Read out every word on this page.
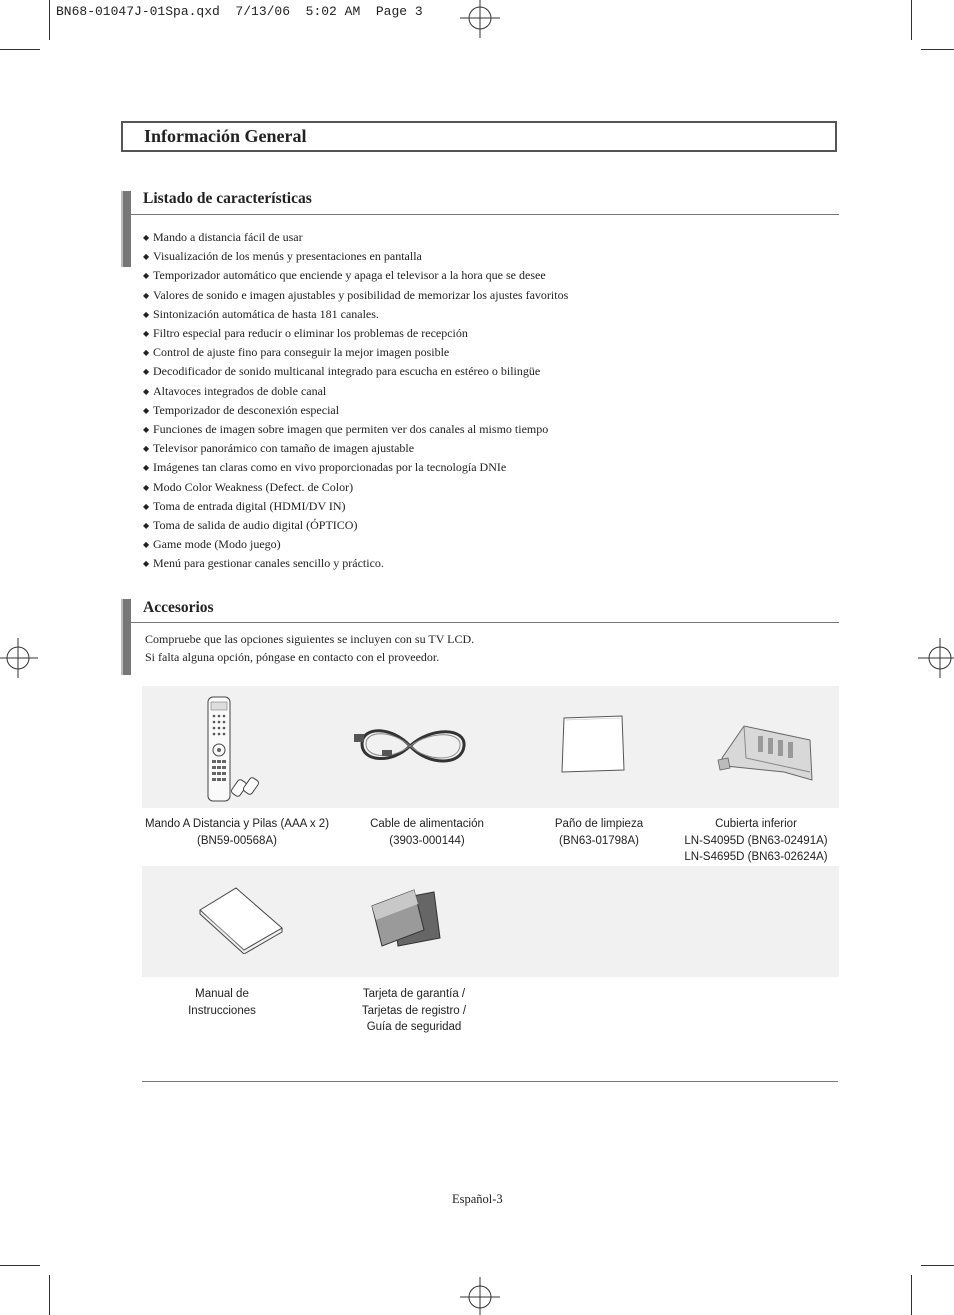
BN68-01047J-01Spa.qxd  7/13/06  5:02 AM  Page 3
Información General
Listado de características
◆ Mando a distancia fácil de usar
◆ Visualización de los menús y presentaciones en pantalla
◆ Temporizador automático que enciende y apaga el televisor a la hora que se desee
◆ Valores de sonido e imagen ajustables y posibilidad de memorizar los ajustes favoritos
◆ Sintonización automática de hasta 181 canales.
◆ Filtro especial para reducir o eliminar los problemas de recepción
◆ Control de ajuste fino para conseguir la mejor imagen posible
◆ Decodificador de sonido multicanal integrado para escucha en estéreo o bilingüe
◆ Altavoces integrados de doble canal
◆ Temporizador de desconexión especial
◆ Funciones de imagen sobre imagen que permiten ver dos canales al mismo tiempo
◆ Televisor panorámico con tamaño de imagen ajustable
◆ Imágenes tan claras como en vivo proporcionadas por la tecnología DNIe
◆ Modo Color Weakness (Defect. de Color)
◆ Toma de entrada digital (HDMI/DV IN)
◆ Toma de salida de audio digital (ÓPTICO)
◆ Game mode (Modo juego)
◆ Menú para gestionar canales sencillo y práctico.
Accesorios
Compruebe que las opciones siguientes se incluyen con su TV LCD.
Si falta alguna opción, póngase en contacto con el proveedor.
Mando A Distancia y Pilas (AAA x 2)
(BN59-00568A)
Cable de alimentación
(3903-000144)
Paño de limpieza
(BN63-01798A)
Cubierta inferior
LN-S4095D (BN63-02491A)
LN-S4695D (BN63-02624A)
Manual de
Instrucciones
Tarjeta de garantía /
Tarjetas de registro /
Guía de seguridad
Español-3
